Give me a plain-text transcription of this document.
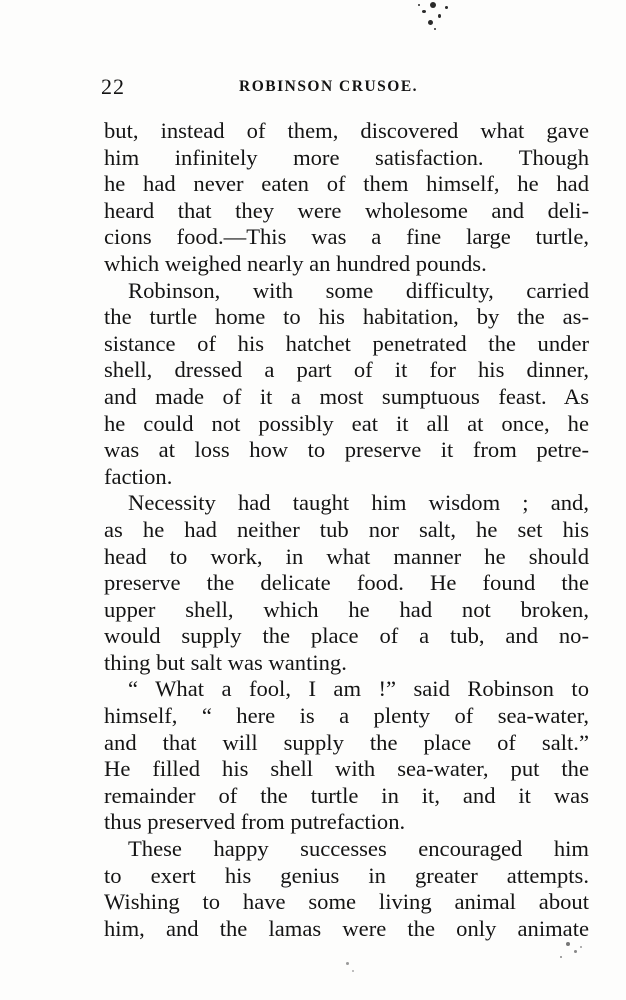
22	ROBINSON CRUSOE.
but, instead of them, discovered what gave
him infinitely more satisfaction. Though
he had never eaten of them himself, he had
heard that they were wholesome and deli-
cions food.—This was a fine large turtle,
which weighed nearly an hundred pounds.
Robinson, with some difficulty, carried
the turtle home to his habitation, by the as-
sistance of his hatchet penetrated the under
shell, dressed a part of it for his dinner,
and made of it a most sumptuous feast. As
he could not possibly eat it all at once, he
was at loss how to preserve it from petre-
faction.
Necessity had taught him wisdom ; and,
as he had neither tub nor salt, he set his
head to work, in what manner he should
preserve the delicate food. He found the
upper shell, which he had not broken,
would supply the place of a tub, and no-
thing but salt was wanting.
“ What a fool, I am !” said Robinson to
himself, “ here is a plenty of sea-water,
and that will supply the place of salt.”
He filled his shell with sea-water, put the
remainder of the turtle in it, and it was
thus preserved from putrefaction.
These happy successes encouraged him
to exert his genius in greater attempts.
Wishing to have some living animal about
him, and the lamas were the only animate
